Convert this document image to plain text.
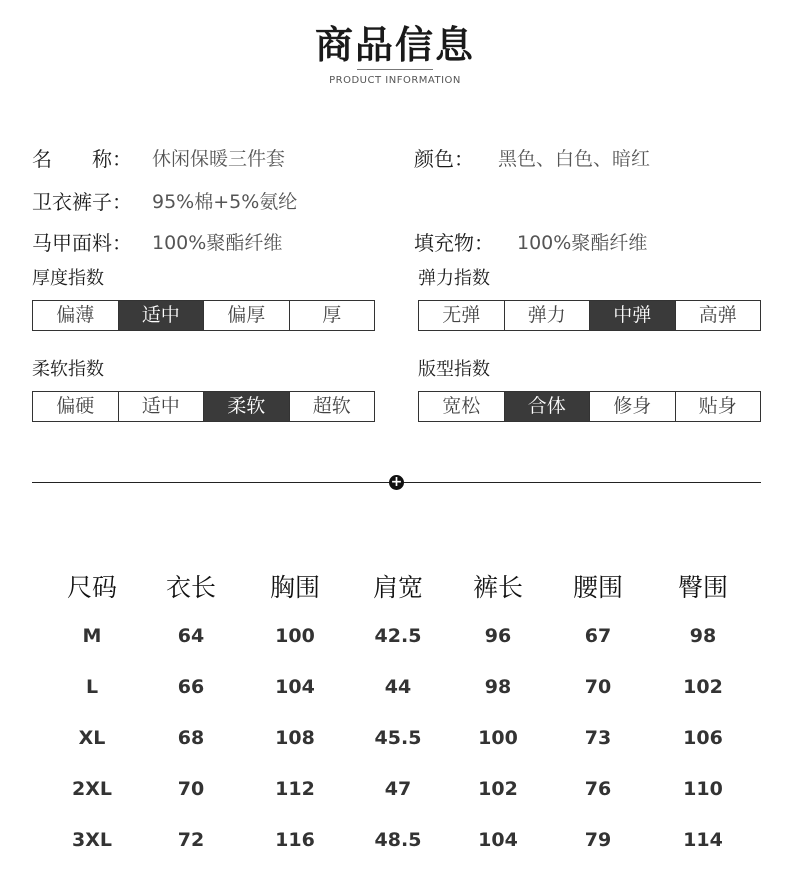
商品信息
PRODUCT INFORMATION
名　　称： 休闲保暖三件套	颜色： 黑色、白色、暗红
卫衣裤子： 95%棉+5%氨纶
马甲面料： 100%聚酯纤维	填充物： 100%聚酯纤维
厚度指数
偏薄	适中	偏厚	厚
弹力指数
无弹	弹力	中弹	高弹
柔软指数
偏硬	适中	柔软	超软
版型指数
宽松	合体	修身	贴身
+
尺码	衣长	胸围	肩宽	裤长	腰围	臀围
M	64	100	42.5	96	67	98
L	66	104	44	98	70	102
XL	68	108	45.5	100	73	106
2XL	70	112	47	102	76	110
3XL	72	116	48.5	104	79	114
